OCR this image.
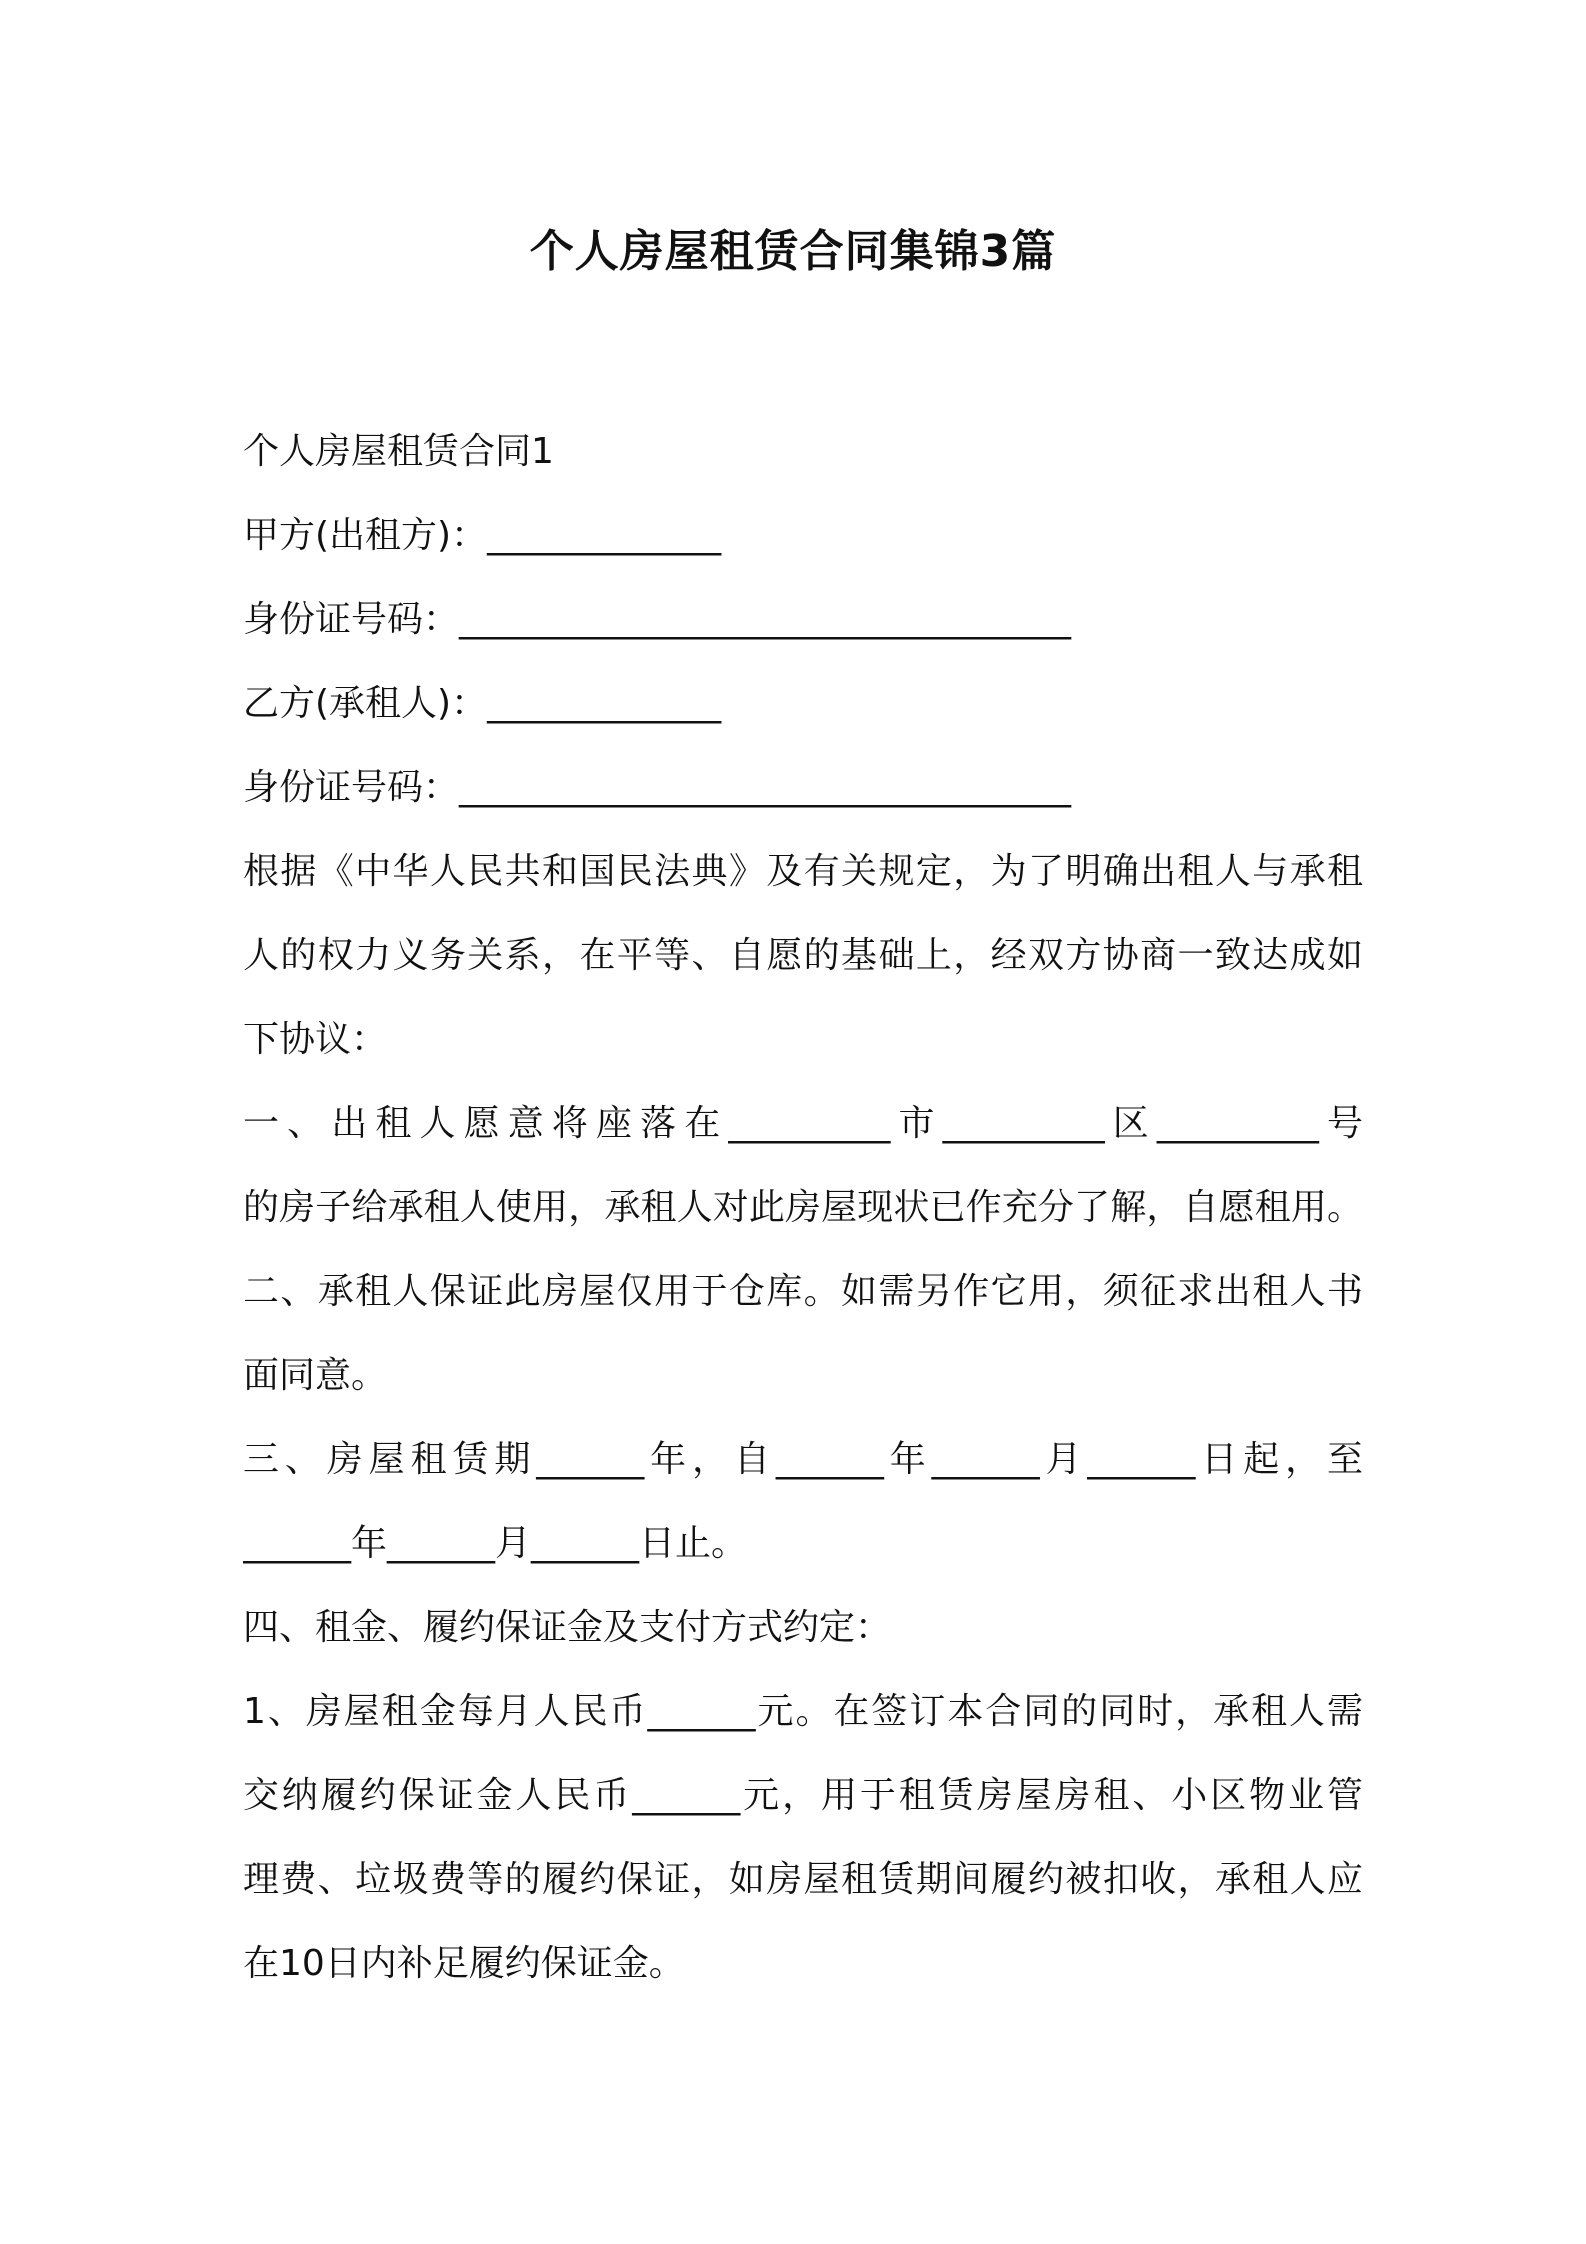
个人房屋租赁合同集锦3篇

个人房屋租赁合同1

甲方(出租方)：_____________

身份证号码：__________________________________

乙方(承租人)：_____________

身份证号码：__________________________________

根据《中华人民共和国民法典》及有关规定，为了明确出租人与承租

人的权力义务关系，在平等、自愿的基础上，经双方协商一致达成如

下协议：

一、出租人愿意将座落在_________市_________区_________号

的房子给承租人使用，承租人对此房屋现状已作充分了解，自愿租用。

二、承租人保证此房屋仅用于仓库。如需另作它用，须征求出租人书

面同意。

三、房屋租赁期______年，自______年______月______日起，至

______年______月______日止。

四、租金、履约保证金及支付方式约定：

1、房屋租金每月人民币______元。在签订本合同的同时，承租人需

交纳履约保证金人民币______元，用于租赁房屋房租、小区物业管

理费、垃圾费等的履约保证，如房屋租赁期间履约被扣收，承租人应

在10日内补足履约保证金。
